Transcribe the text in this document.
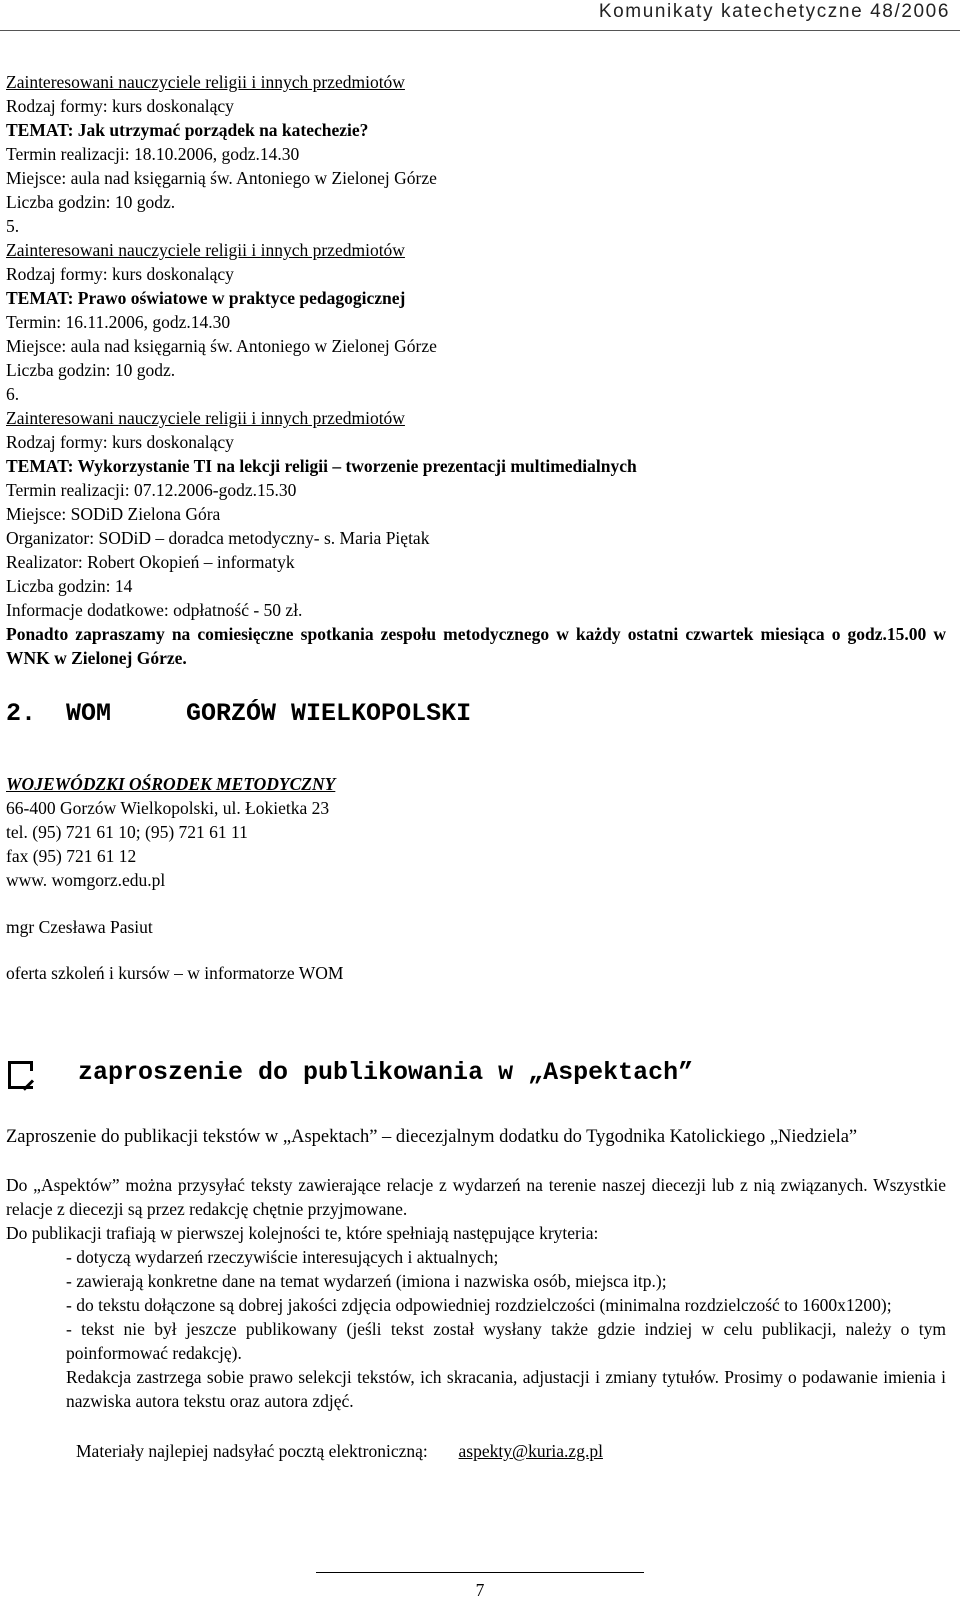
Komunikaty katechetyczne 48/2006
Zainteresowani nauczyciele religii i innych przedmiotów
Rodzaj formy: kurs doskonalący
TEMAT: Jak utrzymać porządek na katechezie?
Termin realizacji: 18.10.2006, godz.14.30
Miejsce: aula nad księgarnią św. Antoniego w Zielonej Górze
Liczba godzin: 10 godz.
5.
Zainteresowani nauczyciele religii i innych przedmiotów
Rodzaj formy: kurs doskonalący
TEMAT: Prawo oświatowe w praktyce pedagogicznej
Termin: 16.11.2006, godz.14.30
Miejsce: aula nad księgarnią św. Antoniego w Zielonej Górze
Liczba godzin: 10 godz.
6.
Zainteresowani nauczyciele religii i innych przedmiotów
Rodzaj formy: kurs doskonalący
TEMAT: Wykorzystanie TI na lekcji religii – tworzenie prezentacji multimedialnych
Termin realizacji: 07.12.2006-godz.15.30
Miejsce: SODiD Zielona Góra
Organizator: SODiD – doradca metodyczny- s. Maria Piętak
Realizator: Robert Okopień – informatyk
Liczba godzin: 14
Informacje dodatkowe: odpłatność - 50 zł.
Ponadto zapraszamy na comiesięczne spotkania zespołu metodycznego w każdy ostatni czwartek miesiąca o godz.15.00 w WNK w Zielonej Górze.
2.  WOM     GORZÓW WIELKOPOLSKI
WOJEWÓDZKI OŚRODEK METODYCZNY
66-400 Gorzów Wielkopolski, ul. Łokietka 23
tel. (95) 721 61 10; (95) 721 61 11
fax (95) 721 61 12
www. womgorz.edu.pl
mgr Czesława Pasiut
oferta szkoleń i kursów – w informatorze WOM
zaproszenie do publikowania w „Aspektach”
Zaproszenie do publikacji tekstów w „Aspektach” – diecezjalnym dodatku do Tygodnika Katolickiego „Niedziela”
Do „Aspektów” można przysyłać teksty zawierające relacje z wydarzeń na terenie naszej diecezji lub z nią związanych. Wszystkie relacje z diecezji są przez redakcję chętnie przyjmowane.
Do publikacji trafiają w pierwszej kolejności te, które spełniają następujące kryteria:
- dotyczą wydarzeń rzeczywiście interesujących i aktualnych;
- zawierają konkretne dane na temat wydarzeń (imiona i nazwiska osób, miejsca itp.);
- do tekstu dołączone są dobrej jakości zdjęcia odpowiedniej rozdzielczości (minimalna rozdzielczość to 1600x1200);
- tekst nie był jeszcze publikowany (jeśli tekst został wysłany także gdzie indziej w celu publikacji, należy o tym poinformować redakcję).
Redakcja zastrzega sobie prawo selekcji tekstów, ich skracania, adjustacji i zmiany tytułów. Prosimy o podawanie imienia i nazwiska autora tekstu oraz autora zdjęć.
Materiały najlepiej nadsyłać pocztą elektroniczną: aspekty@kuria.zg.pl
7
